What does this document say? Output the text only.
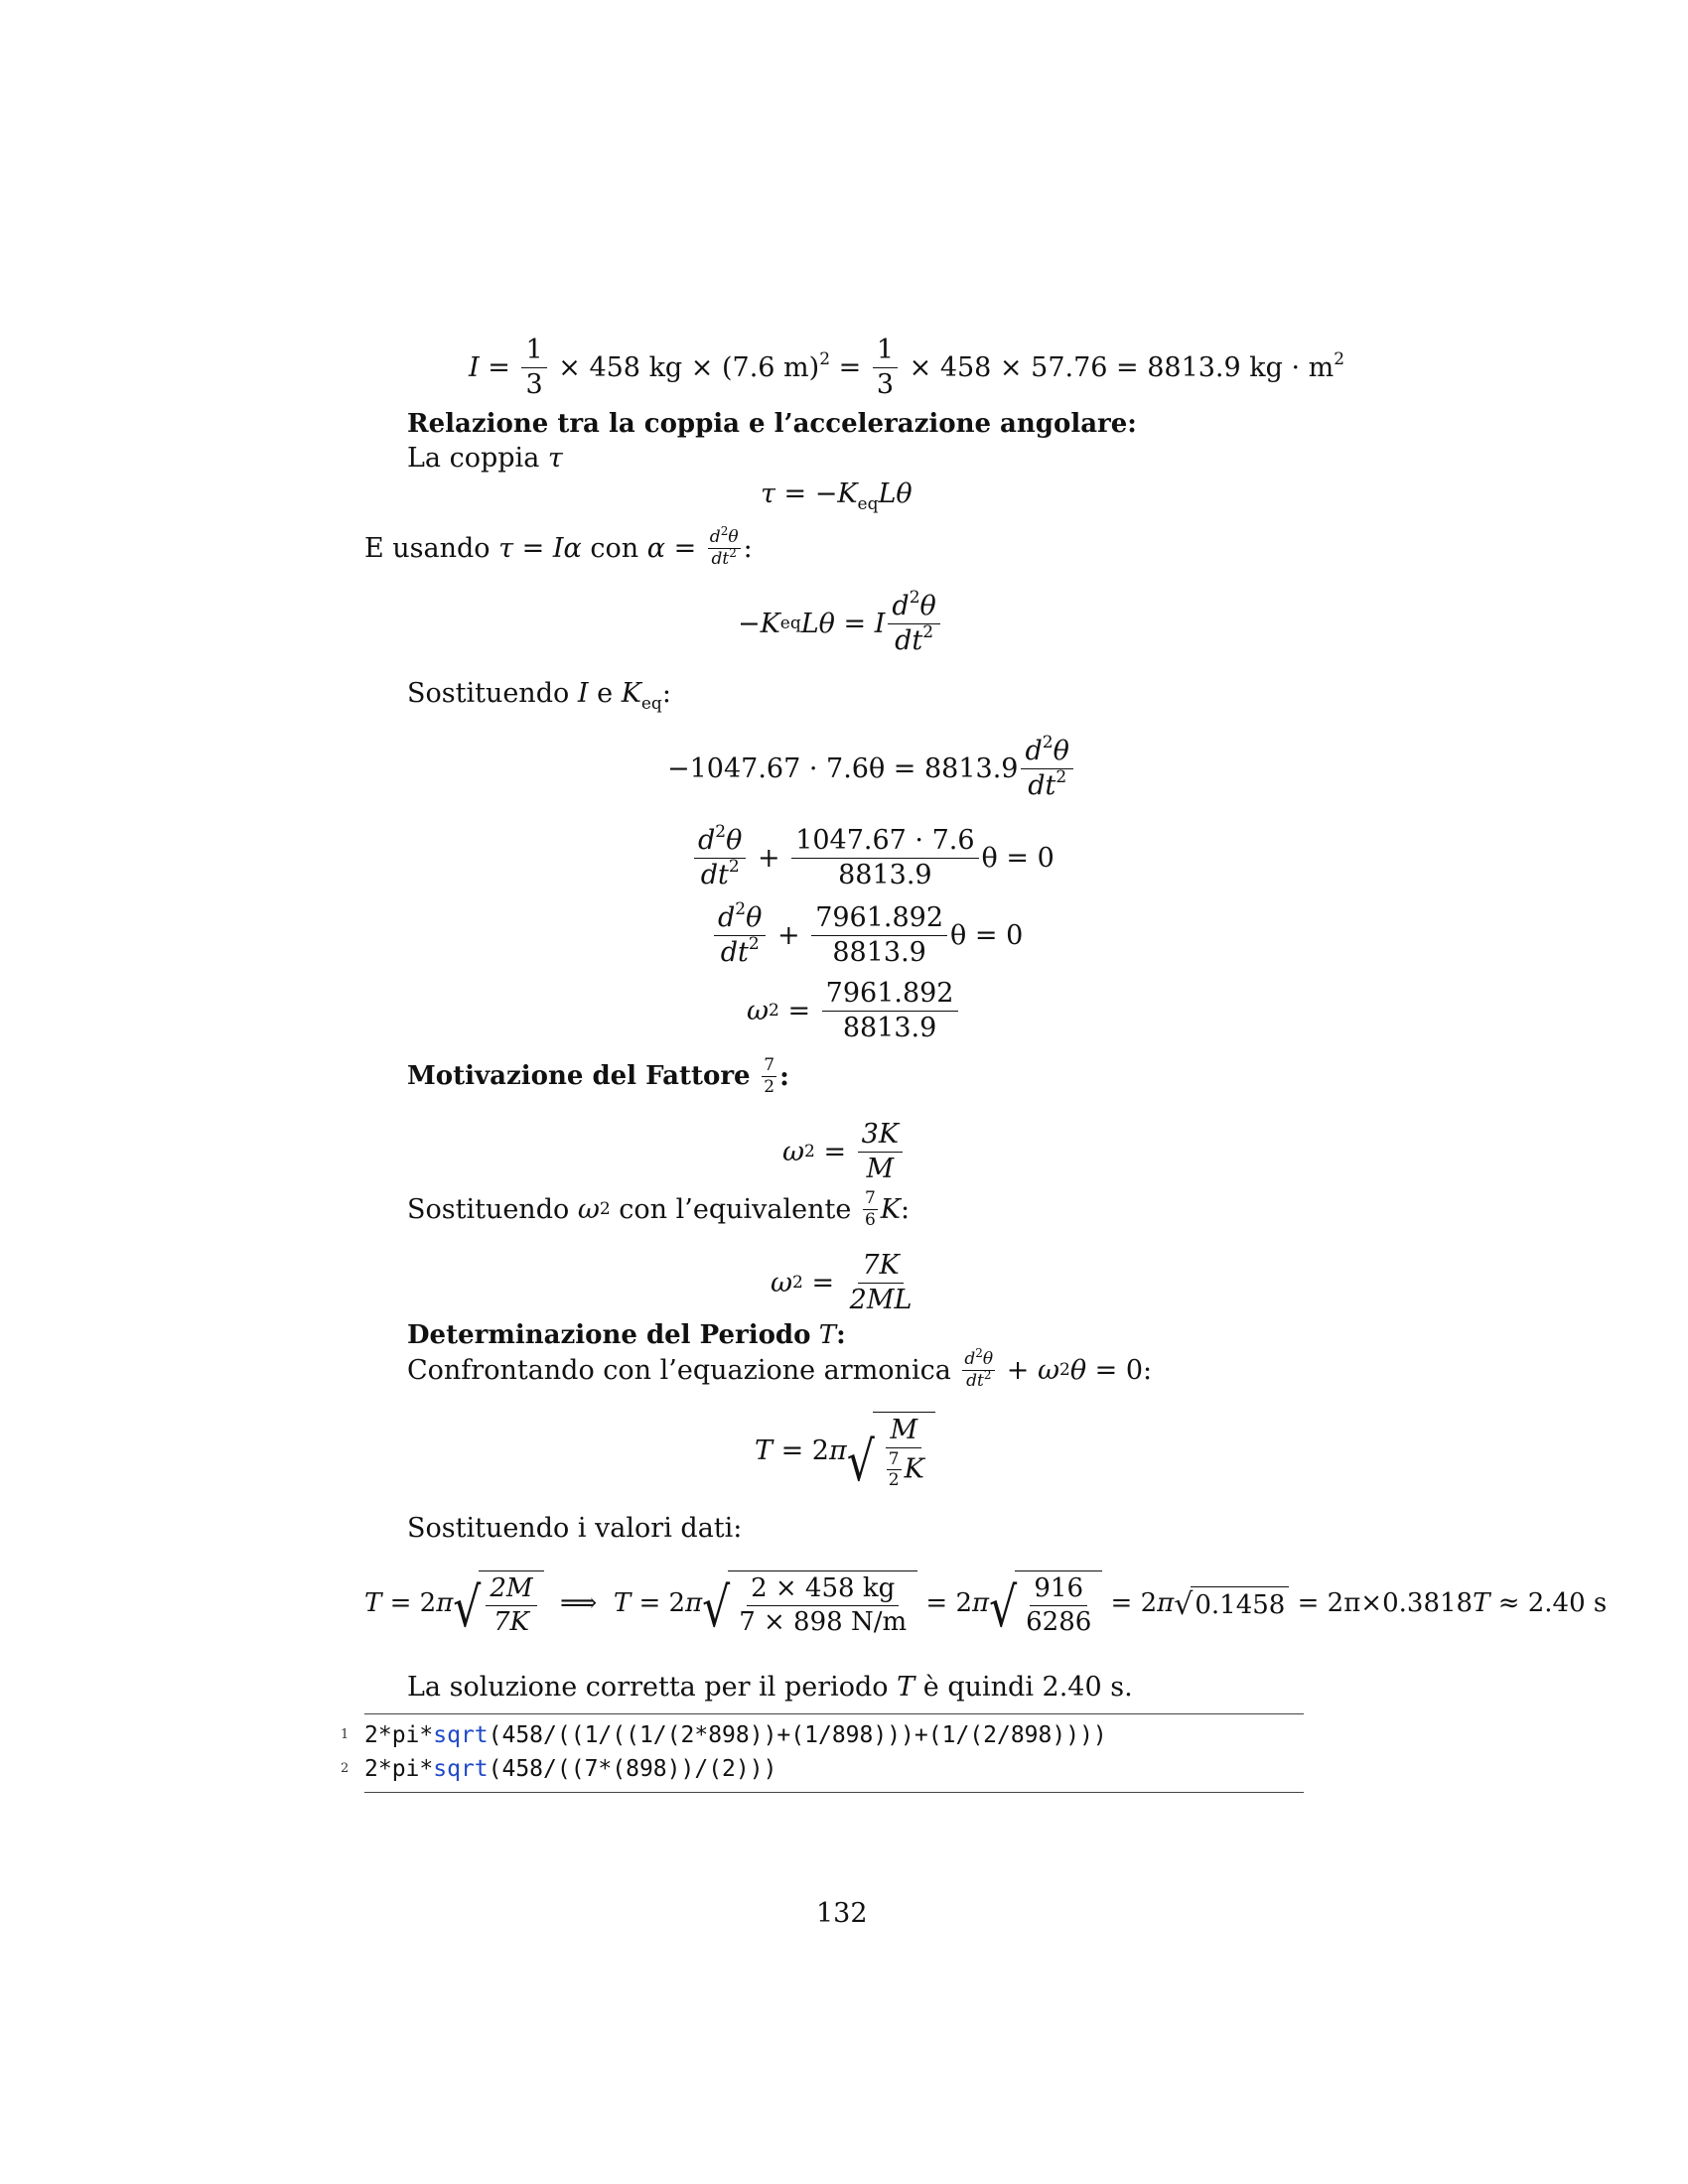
$I = \frac{1}{3} \times 458$ kg × (7.6 $m)^2 = \frac{1}{3} \times 458 \times 57.76 = 8813.9$ kg · $m^2$
Relazione tra la coppia e l’accelerazione angolare:
La coppia τ
$\tau = -K_{eq}L\theta$
E usando
τ = Iα
con
$\alpha = \frac{d^2\theta}{dt^2}$ :
− K eq Lθ = I $\frac{d^2\theta}{dt^2}$
Sostituendo I e $K_{eq}$:
$-1047.67 \cdot 7.6\theta = 8813.9 \frac{d^2\theta}{dt^2}$
$\frac{d^2\theta}{dt^2} + \frac{1047.67 \cdot 7.6}{8813.9}$ θ = 0
$\frac{d^2\theta}{dt^2} + \frac{7961.892}{8813.9}$ θ = 0
ω $2 = \frac{7961.892}{8813.9}$
Motivazione del Fattore
$\frac{7}{2}$ :
ω $2 = \frac{3K}{M}$
Sostituendo
ω 2
con l’equivalente
$\frac{7}{6}$ K :
ω $2 = \frac{7K}{2ML}$
Determinazione del Periodo T:
Confrontando con l’equazione armonica
$\frac{d^2\theta}{dt^2} + \omega$ 2 θ = 0:
T = 2 π √ $\frac{M}{\frac{7}{2} K}$
Sostituendo i valori dati:
T = 2 π √ $\frac{2M}{7K}$ ⟹ T = 2 π √ $\frac{2 \times 458 kg}{7 \times 898 N/m} = 2$ π √ $\frac{916}{6286} = 2$ π √ 0.1458
= 2π×0.3818 T
≈ 2.40 s
La soluzione corretta per il periodo T è quindi 2.40 s.
1 2*pi*sqrt(458/((1/((1/(2*898))+(1/898)))+(1/(2/898))))
2 2*pi*sqrt(458/((7*(898))/(2)))
132
